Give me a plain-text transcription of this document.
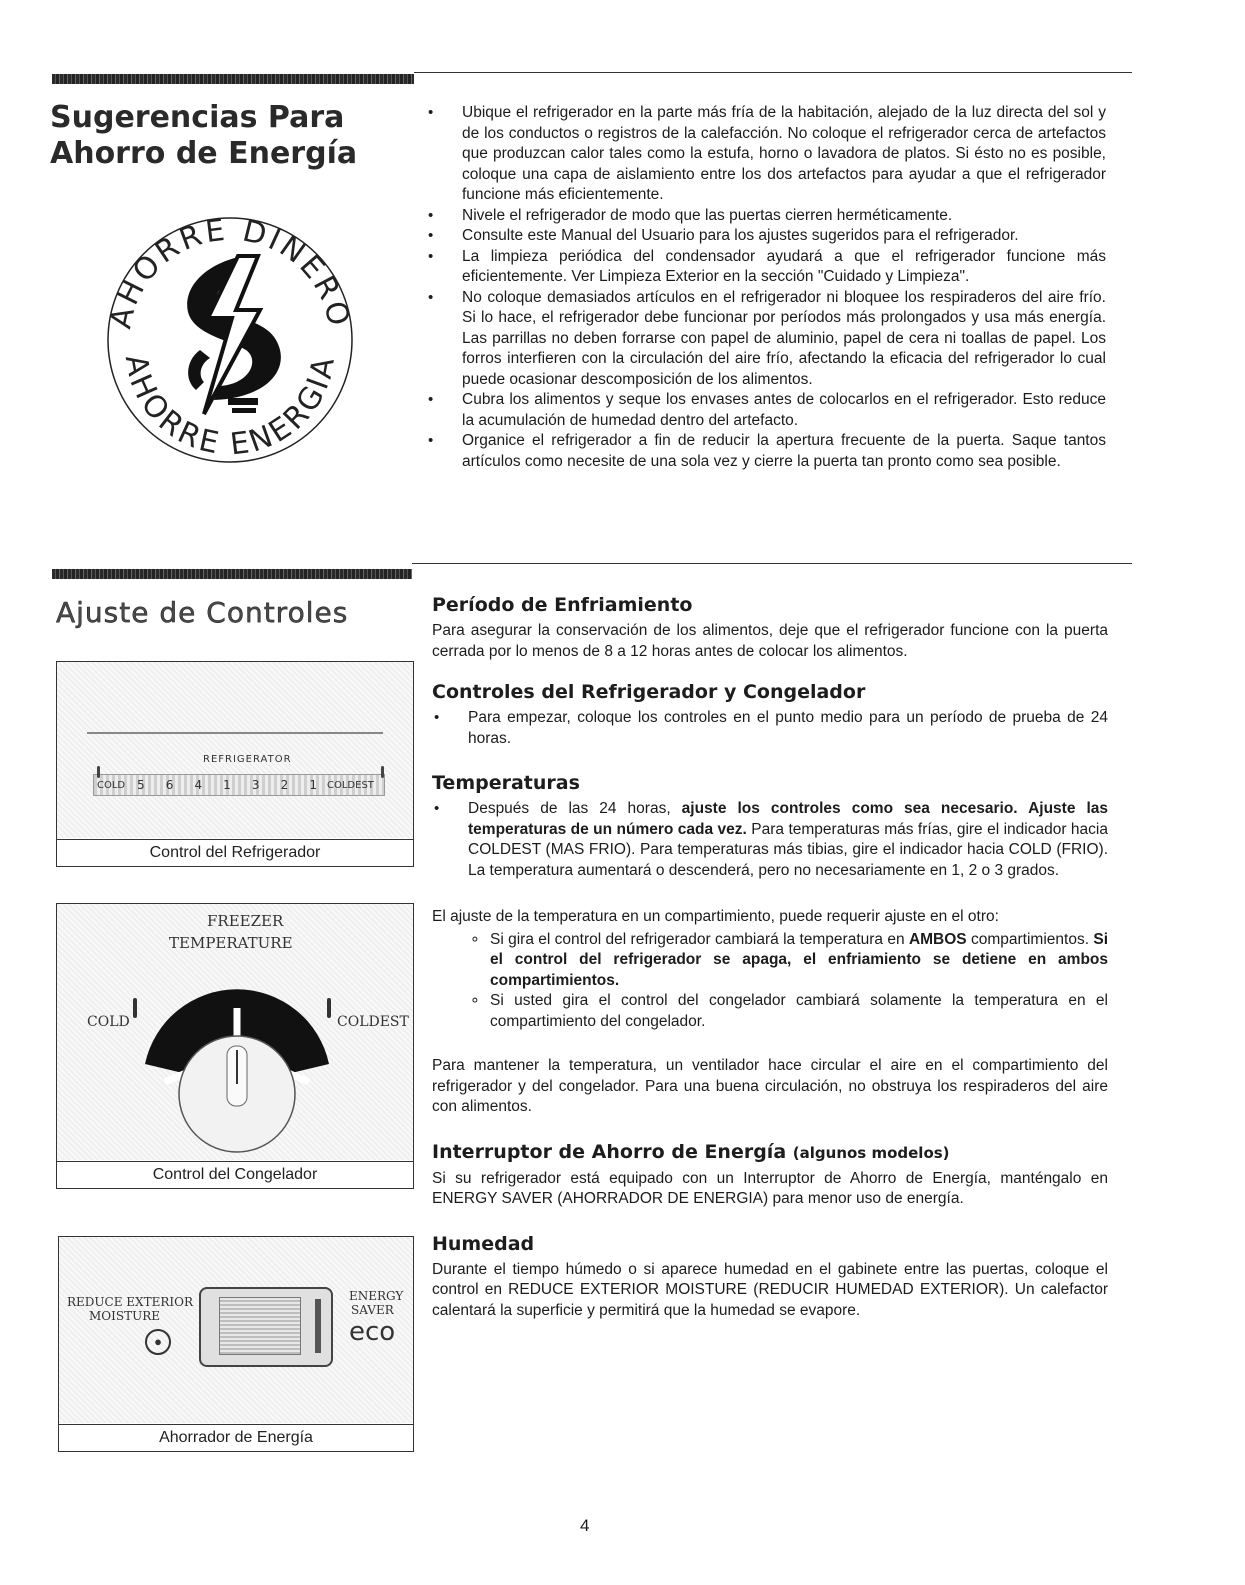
Sugerencias Para
Ahorro de Energía
AHORRE DINERO
AHORRE ENERGIA
• Ubique el refrigerador en la parte más fría de la habitación, alejado de la luz directa del sol y de los conductos o registros de la calefacción. No coloque el refrigerador cerca de artefactos que produzcan calor tales como la estufa, horno o lavadora de platos. Si ésto no es posible, coloque una capa de aislamiento entre los dos artefactos para ayudar a que el refrigerador funcione más eficientemente.
• Nivele el refrigerador de modo que las puertas cierren herméticamente.
• Consulte este Manual del Usuario para los ajustes sugeridos para el refrigerador.
• La limpieza periódica del condensador ayudará a que el refrigerador funcione más eficientemente. Ver Limpieza Exterior en la sección "Cuidado y Limpieza".
• No coloque demasiados artículos en el refrigerador ni bloquee los respiraderos del aire frío. Si lo hace, el refrigerador debe funcionar por períodos más prolongados y usa más energía. Las parrillas no deben forrarse con papel de aluminio, papel de cera ni toallas de papel. Los forros interfieren con la circulación del aire frío, afectando la eficacia del refrigerador lo cual puede ocasionar descomposición de los alimentos.
• Cubra los alimentos y seque los envases antes de colocarlos en el refrigerador. Esto reduce la acumulación de humedad dentro del artefacto.
• Organice el refrigerador a fin de reducir la apertura frecuente de la puerta. Saque tantos artículos como necesite de una sola vez y cierre la puerta tan pronto como sea posible.
Ajuste de Controles
REFRIGERATOR
COLD 5 6 4 1 3 2 1 COLDEST
Control del Refrigerador
FREEZER
TEMPERATURE
COLD	COLDEST
Control del Congelador
REDUCE EXTERIOR
MOISTURE
●
ENERGY
SAVER
eco
Ahorrador de Energía
Período de Enfriamiento

Para asegurar la conservación de los alimentos, deje que el refrigerador funcione con la puerta cerrada por lo menos de 8 a 12 horas antes de colocar los alimentos.

Controles del Refrigerador y Congelador
• Para empezar, coloque los controles en el punto medio para un período de prueba de 24 horas.
Temperaturas
• Después de las 24 horas, ajuste los controles como sea necesario. Ajuste las temperaturas de un número cada vez. Para temperaturas más frías, gire el indicador hacia COLDEST (MAS FRIO). Para temperaturas más tibias, gire el indicador hacia COLD (FRIO). La temperatura aumentará o descenderá, pero no necesariamente en 1, 2 o 3 grados.

El ajuste de la temperatura en un compartimiento, puede requerir ajuste en el otro:

∘ Si gira el control del refrigerador cambiará la temperatura en AMBOS compartimientos. Si el control del refrigerador se apaga, el enfriamiento se detiene en ambos compartimientos.
∘ Si usted gira el control del congelador cambiará solamente la temperatura en el compartimiento del congelador.

Para mantener la temperatura, un ventilador hace circular el aire en el compartimiento del refrigerador y del congelador. Para una buena circulación, no obstruya los respiraderos del aire con alimentos.

Interruptor de Ahorro de Energía (algunos modelos)

Si su refrigerador está equipado con un Interruptor de Ahorro de Energía, manténgalo en ENERGY SAVER (AHORRADOR DE ENERGIA) para menor uso de energía.

Humedad

Durante el tiempo húmedo o si aparece humedad en el gabinete entre las puertas, coloque el control en REDUCE EXTERIOR MOISTURE (REDUCIR HUMEDAD EXTERIOR). Un calefactor calentará la superficie y permitirá que la humedad se evapore.

4
